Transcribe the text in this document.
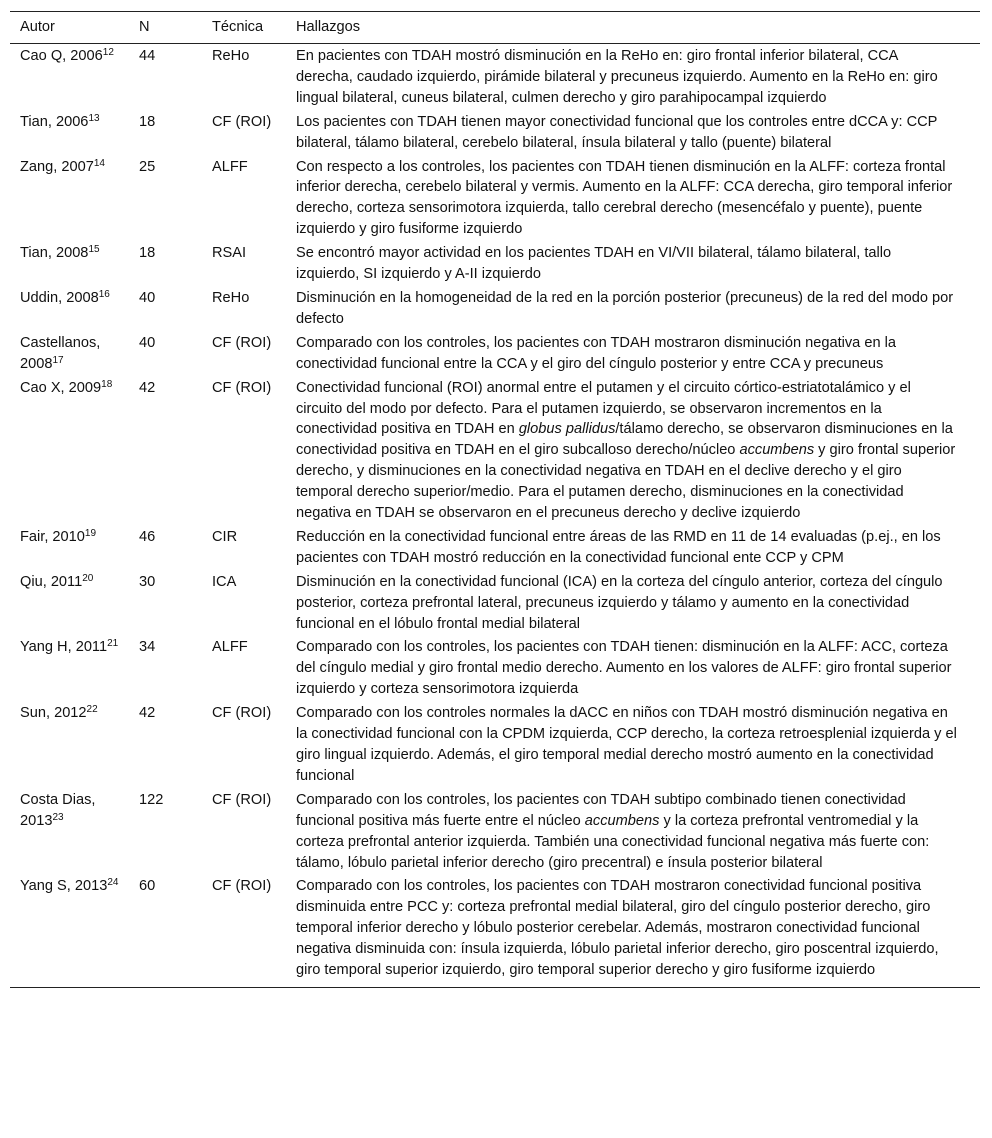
Autor	N	Técnica	Hallazgos
Cao Q, 2006$^{12}$	44	ReHo	En pacientes con TDAH mostró disminución en la ReHo en: giro frontal inferior bilateral, CCA derecha, caudado izquierdo, pirámide bilateral y precuneus izquierdo. Aumento en la ReHo en: giro lingual bilateral, cuneus bilateral, culmen derecho y giro parahipocampal izquierdo
Tian, 2006$^{13}$	18	CF (ROI)	Los pacientes con TDAH tienen mayor conectividad funcional que los controles entre dCCA y: CCP bilateral, tálamo bilateral, cerebelo bilateral, ínsula bilateral y tallo (puente) bilateral
Zang, 2007$^{14}$	25	ALFF	Con respecto a los controles, los pacientes con TDAH tienen disminución en la ALFF: corteza frontal inferior derecha, cerebelo bilateral y vermis. Aumento en la ALFF: CCA derecha, giro temporal inferior derecho, corteza sensorimotora izquierda, tallo cerebral derecho (mesencéfalo y puente), puente izquierdo y giro fusiforme izquierdo
Tian, 2008$^{15}$	18	RSAI	Se encontró mayor actividad en los pacientes TDAH en VI/VII bilateral, tálamo bilateral, tallo izquierdo, SI izquierdo y A-II izquierdo
Uddin, 2008$^{16}$	40	ReHo	Disminución en la homogeneidad de la red en la porción posterior (precuneus) de la red del modo por defecto
Castellanos, 2008$^{17}$	40	CF (ROI)	Comparado con los controles, los pacientes con TDAH mostraron disminución negativa en la conectividad funcional entre la CCA y el giro del cíngulo posterior y entre CCA y precuneus
Cao X, 2009$^{18}$	42	CF (ROI)	Conectividad funcional (ROI) anormal entre el putamen y el circuito córtico-estriatotalámico y el circuito del modo por defecto. Para el putamen izquierdo, se observaron incrementos en la conectividad positiva en TDAH en globus pallidus/tálamo derecho, se observaron disminuciones en la conectividad positiva en TDAH en el giro subcalloso derecho/núcleo accumbens y giro frontal superior derecho, y disminuciones en la conectividad negativa en TDAH en el declive derecho y el giro temporal derecho superior/medio. Para el putamen derecho, disminuciones en la conectividad negativa en TDAH se observaron en el precuneus derecho y declive izquierdo
Fair, 2010$^{19}$	46	CIR	Reducción en la conectividad funcional entre áreas de las RMD en 11 de 14 evaluadas (p.ej., en los pacientes con TDAH mostró reducción en la conectividad funcional ente CCP y CPM
Qiu, 2011$^{20}$	30	ICA	Disminución en la conectividad funcional (ICA) en la corteza del cíngulo anterior, corteza del cíngulo posterior, corteza prefrontal lateral, precuneus izquierdo y tálamo y aumento en la conectividad funcional en el lóbulo frontal medial bilateral
Yang H, 2011$^{21}$	34	ALFF	Comparado con los controles, los pacientes con TDAH tienen: disminución en la ALFF: ACC, corteza del cíngulo medial y giro frontal medio derecho. Aumento en los valores de ALFF: giro frontal superior izquierdo y corteza sensorimotora izquierda
Sun, 2012$^{22}$	42	CF (ROI)	Comparado con los controles normales la dACC en niños con TDAH mostró disminución negativa en la conectividad funcional con la CPDM izquierda, CCP derecho, la corteza retroesplenial izquierda y el giro lingual izquierdo. Además, el giro temporal medial derecho mostró aumento en la conectividad funcional
Costa Dias, 2013$^{23}$	122	CF (ROI)	Comparado con los controles, los pacientes con TDAH subtipo combinado tienen conectividad funcional positiva más fuerte entre el núcleo accumbens y la corteza prefrontal ventromedial y la corteza prefrontal anterior izquierda. También una conectividad funcional negativa más fuerte con: tálamo, lóbulo parietal inferior derecho (giro precentral) e ínsula posterior bilateral
Yang S, 2013$^{24}$	60	CF (ROI)	Comparado con los controles, los pacientes con TDAH mostraron conectividad funcional positiva disminuida entre PCC y: corteza prefrontal medial bilateral, giro del cíngulo posterior derecho, giro temporal inferior derecho y lóbulo posterior cerebelar. Además, mostraron conectividad funcional negativa disminuida con: ínsula izquierda, lóbulo parietal inferior derecho, giro poscentral izquierdo, giro temporal superior izquierdo, giro temporal superior derecho y giro fusiforme izquierdo
